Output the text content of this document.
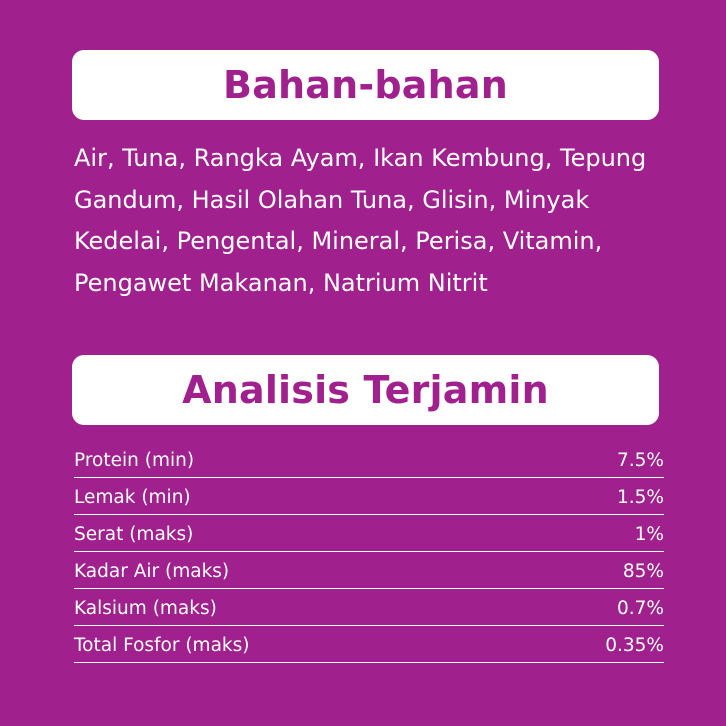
Bahan-bahan
Air, Tuna, Rangka Ayam, Ikan Kembung, Tepung Gandum, Hasil Olahan Tuna, Glisin, Minyak Kedelai, Pengental, Mineral, Perisa, Vitamin, Pengawet Makanan, Natrium Nitrit
Analisis Terjamin
Protein (min)	7.5%
Lemak (min)	1.5%
Serat (maks)	1%
Kadar Air (maks)	85%
Kalsium (maks)	0.7%
Total Fosfor (maks)	0.35%
